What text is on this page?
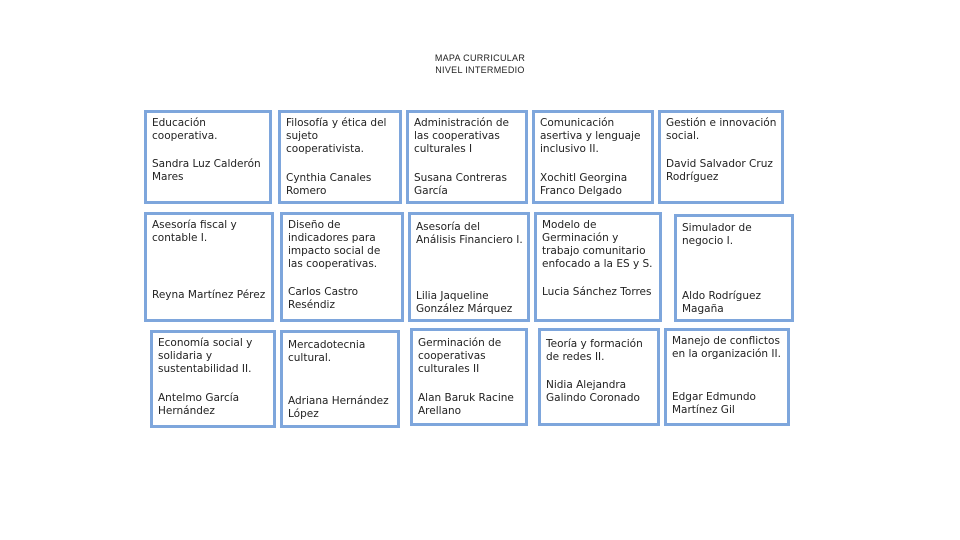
MAPA CURRICULAR
NIVEL INTERMEDIO
Educación cooperativa.
Sandra Luz Calderón Mares
Filosofía y ética del sujeto cooperativista.
Cynthia Canales Romero
Administración de las cooperativas culturales I
Susana Contreras García
Comunicación asertiva y lenguaje inclusivo II.
Xochitl Georgina Franco Delgado
Gestión e innovación social.
David Salvador Cruz Rodríguez
Asesoría fiscal y contable I.
Reyna Martínez Pérez
Diseño de indicadores para impacto social de las cooperativas.
Carlos Castro Reséndiz
Asesoría del Análisis Financiero I.
Lilia Jaqueline González Márquez
Modelo de Germinación y trabajo comunitario enfocado a la ES y S.
Lucia Sánchez Torres
Simulador de negocio I.
Aldo Rodríguez Magaña
Economía social y solidaria y sustentabilidad II.
Antelmo García Hernández
Mercadotecnia cultural.
Adriana Hernández López
Germinación de cooperativas culturales II
Alan Baruk Racine Arellano
Teoría y formación de redes II.
Nidia Alejandra Galindo Coronado
Manejo de conflictos en la organización II.
Edgar Edmundo Martínez Gil
